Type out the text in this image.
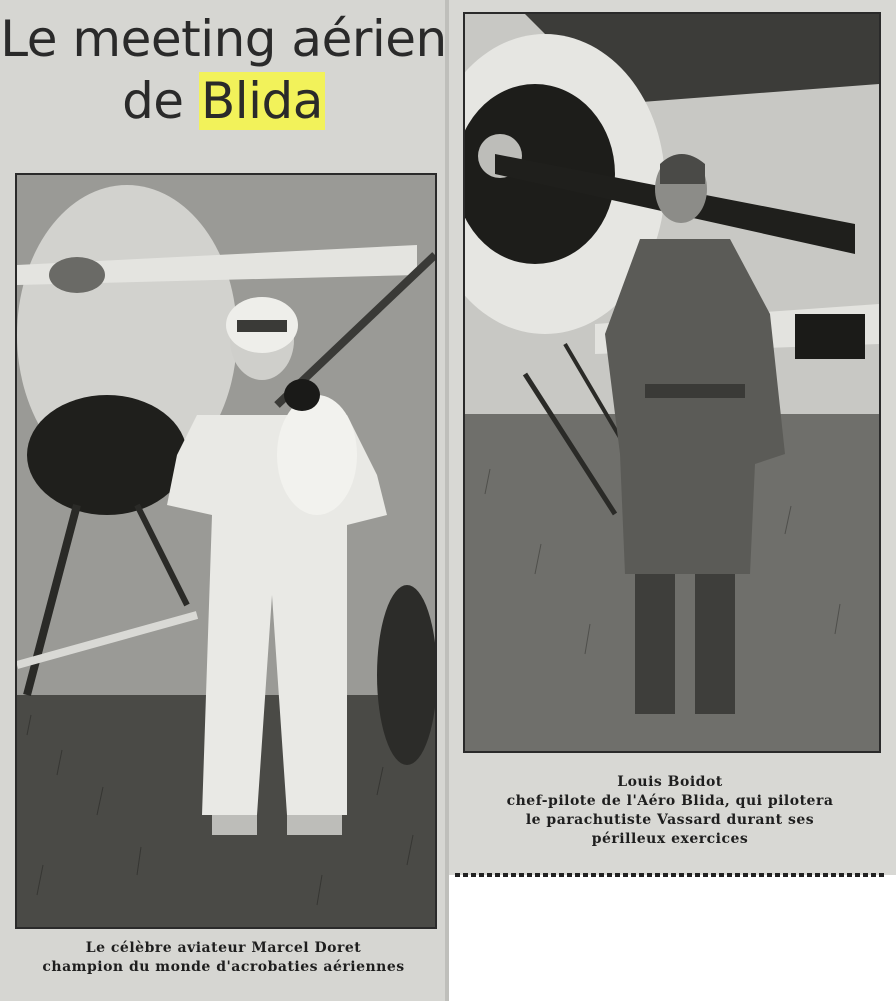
Le meeting aérien
de Blida
Louis Boidot
chef-pilote de l'Aéro Blida, qui pilotera
le parachutiste Vassard durant ses
périlleux exercices
Le célèbre aviateur Marcel Doret
champion du monde d'acrobaties aériennes
